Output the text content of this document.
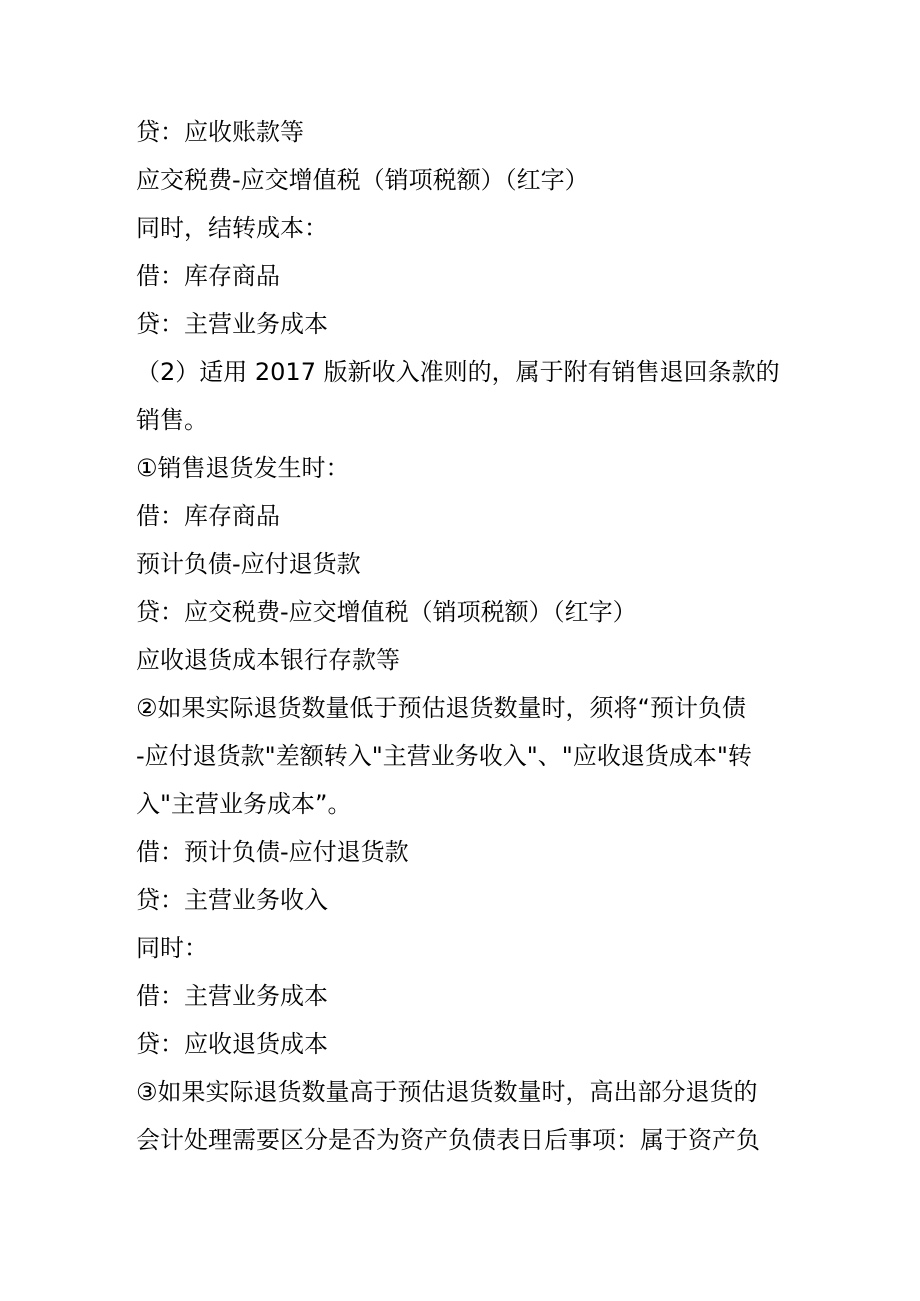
贷：应收账款等
应交税费-应交增值税（销项税额）（红字）
同时，结转成本：
借：库存商品
贷：主营业务成本
（2）适用 2017 版新收入准则的，属于附有销售退回条款的
销售。
①销售退货发生时：
借：库存商品
预计负债-应付退货款
贷：应交税费-应交增值税（销项税额）（红字）
应收退货成本银行存款等
②如果实际退货数量低于预估退货数量时，须将“预计负债
-应付退货款"差额转入"主营业务收入"、"应收退货成本"转
入"主营业务成本”。
借：预计负债-应付退货款
贷：主营业务收入
同时：
借：主营业务成本
贷：应收退货成本
③如果实际退货数量高于预估退货数量时，高出部分退货的
会计处理需要区分是否为资产负债表日后事项：属于资产负
